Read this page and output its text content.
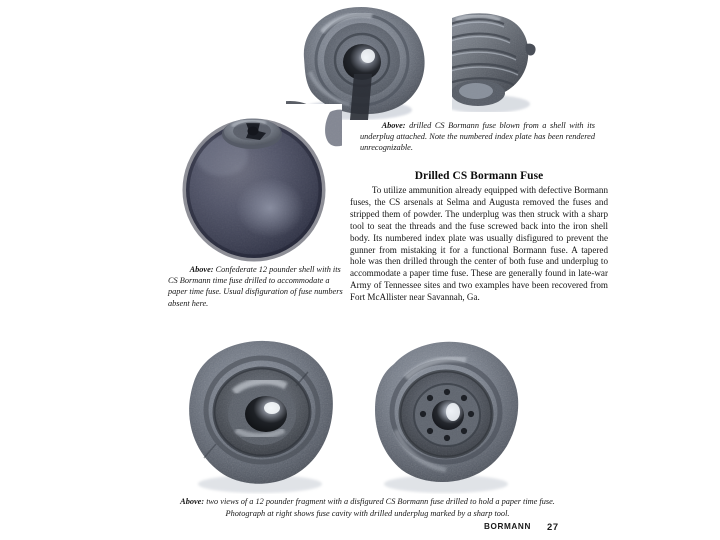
Above: drilled CS Bormann fuse blown from a shell with its underplug attached. Note the numbered index plate has been rendered unrecognizable.
Above: Confederate 12 pounder shell with its CS Bormann time fuse drilled to accommodate a paper time fuse. Usual disfiguration of fuse numbers absent here.
Drilled CS Bormann Fuse

To utilize ammunition already equipped with defective Bormann fuses, the CS arsenals at Selma and Augusta removed the fuses and stripped them of powder. The underplug was then struck with a sharp tool to seat the threads and the fuse screwed back into the iron shell body. Its numbered index plate was usually disfigured to prevent the gunner from mistaking it for a functional Bormann fuse. A tapered hole was then drilled through the center of both fuse and underplug to accommodate a paper time fuse. These are generally found in late-war Army of Tennessee sites and two examples have been recovered from Fort McAllister near Savannah, Ga.

Above: two views of a 12 pounder fragment with a disfigured CS Bormann fuse drilled to hold a paper time fuse. Photograph at right shows fuse cavity with drilled underplug marked by a sharp tool.
BORMANN 27
